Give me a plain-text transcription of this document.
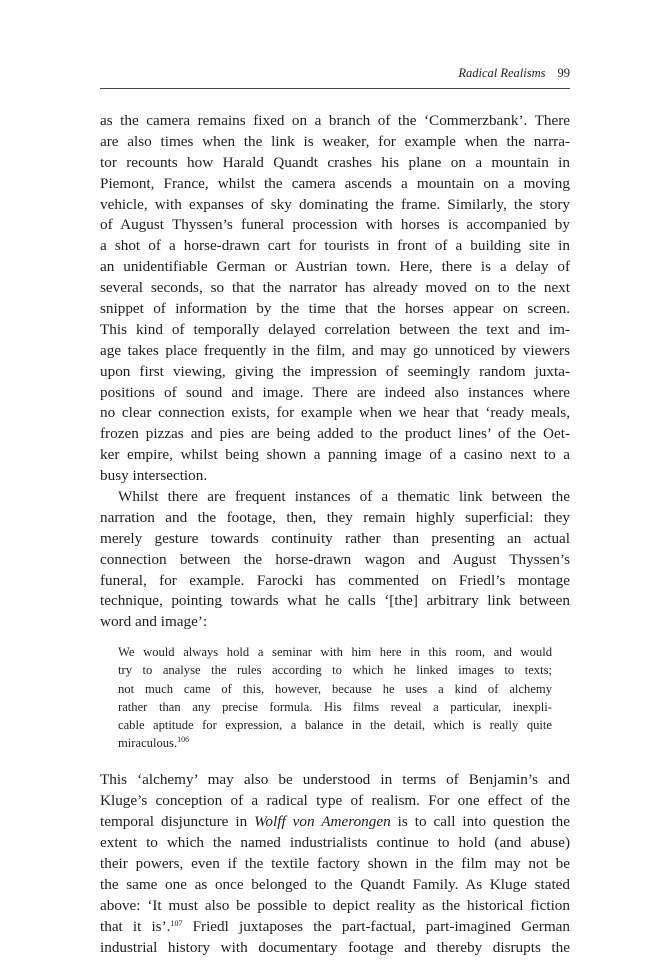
Radical Realisms 99
as the camera remains fixed on a branch of the ‘Commerzbank’. There
are also times when the link is weaker, for example when the narra-
tor recounts how Harald Quandt crashes his plane on a mountain in
Piemont, France, whilst the camera ascends a mountain on a moving
vehicle, with expanses of sky dominating the frame. Similarly, the story
of August Thyssen’s funeral procession with horses is accompanied by
a shot of a horse-drawn cart for tourists in front of a building site in
an unidentifiable German or Austrian town. Here, there is a delay of
several seconds, so that the narrator has already moved on to the next
snippet of information by the time that the horses appear on screen.
This kind of temporally delayed correlation between the text and im-
age takes place frequently in the film, and may go unnoticed by viewers
upon first viewing, giving the impression of seemingly random juxta-
positions of sound and image. There are indeed also instances where
no clear connection exists, for example when we hear that ‘ready meals,
frozen pizzas and pies are being added to the product lines’ of the Oet-
ker empire, whilst being shown a panning image of a casino next to a
busy intersection.
Whilst there are frequent instances of a thematic link between the
narration and the footage, then, they remain highly superficial: they
merely gesture towards continuity rather than presenting an actual
connection between the horse-drawn wagon and August Thyssen’s
funeral, for example. Farocki has commented on Friedl’s montage
technique, pointing towards what he calls ‘[the] arbitrary link between
word and image’:
We would always hold a seminar with him here in this room, and would
try to analyse the rules according to which he linked images to texts;
not much came of this, however, because he uses a kind of alchemy
rather than any precise formula. His films reveal a particular, inexpli-
cable aptitude for expression, a balance in the detail, which is really quite
miraculous.$^{106}$
This ‘alchemy’ may also be understood in terms of Benjamin’s and
Kluge’s conception of a radical type of realism. For one effect of the
temporal disjuncture in Wolff von Amerongen is to call into question the
extent to which the named industrialists continue to hold (and abuse)
their powers, even if the textile factory shown in the film may not be
the same one as once belonged to the Quandt Family. As Kluge stated
above: ‘It must also be possible to depict reality as the historical fiction
that it is’.$^{107}$ Friedl juxtaposes the part-factual, part-imagined German
industrial history with documentary footage and thereby disrupts the
